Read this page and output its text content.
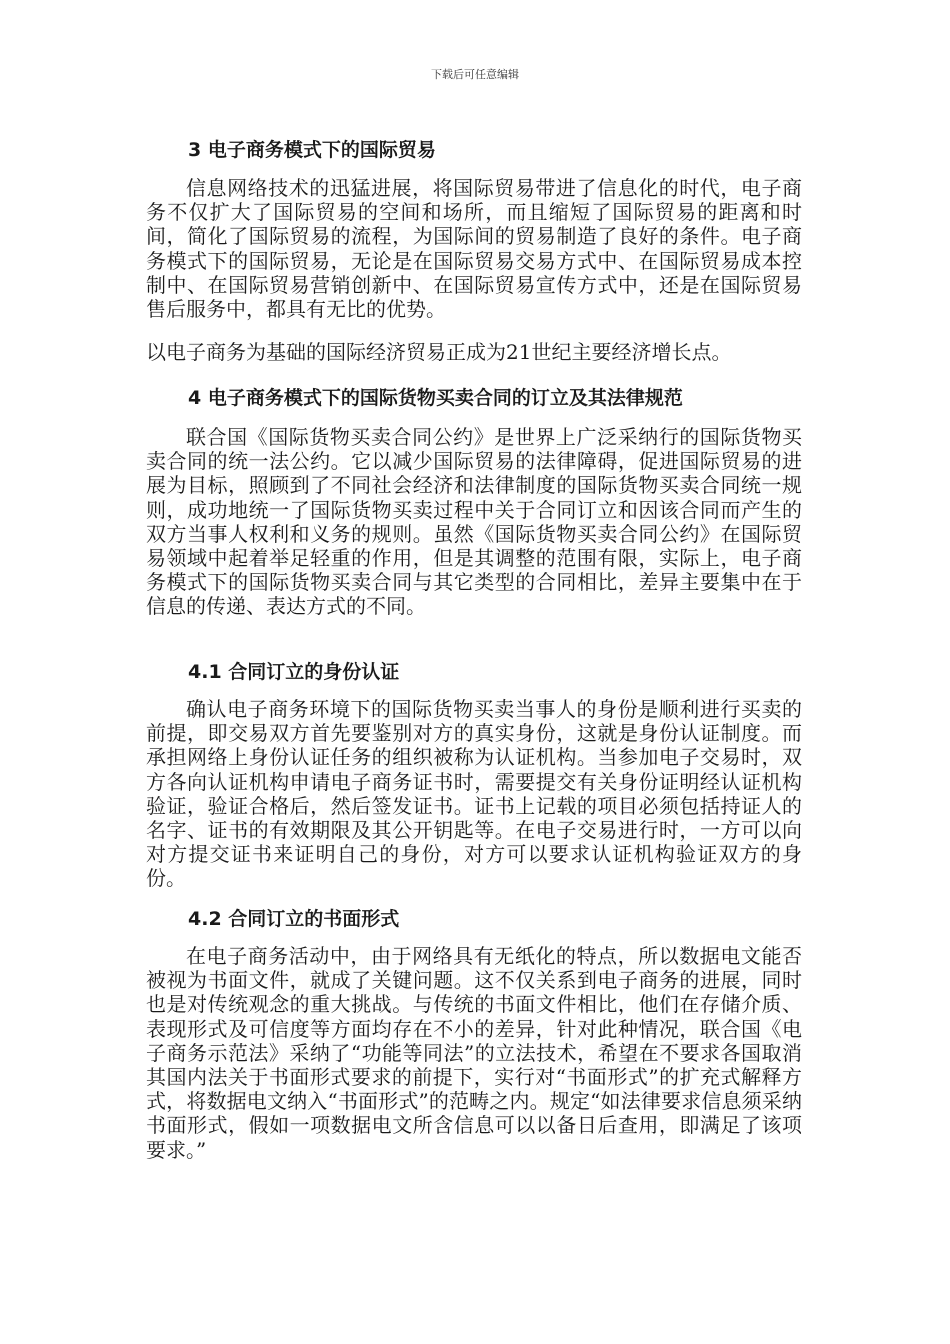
下载后可任意编辑
3 电子商务模式下的国际贸易

信息网络技术的迅猛进展，将国际贸易带进了信息化的时代，电子商务不仅扩大了国际贸易的空间和场所，而且缩短了国际贸易的距离和时间，简化了国际贸易的流程，为国际间的贸易制造了良好的条件。电子商务模式下的国际贸易，无论是在国际贸易交易方式中、在国际贸易成本控制中、在国际贸易营销创新中、在国际贸易宣传方式中，还是在国际贸易售后服务中，都具有无比的优势。

以电子商务为基础的国际经济贸易正成为21世纪主要经济增长点。

4 电子商务模式下的国际货物买卖合同的订立及其法律规范

联合国《国际货物买卖合同公约》是世界上广泛采纳行的国际货物买卖合同的统一法公约。它以减少国际贸易的法律障碍，促进国际贸易的进展为目标，照顾到了不同社会经济和法律制度的国际货物买卖合同统一规则，成功地统一了国际货物买卖过程中关于合同订立和因该合同而产生的双方当事人权利和义务的规则。虽然《国际货物买卖合同公约》在国际贸易领域中起着举足轻重的作用，但是其调整的范围有限，实际上，电子商务模式下的国际货物买卖合同与其它类型的合同相比，差异主要集中在于信息的传递、表达方式的不同。

4.1 合同订立的身份认证

确认电子商务环境下的国际货物买卖当事人的身份是顺利进行买卖的前提，即交易双方首先要鉴别对方的真实身份，这就是身份认证制度。而承担网络上身份认证任务的组织被称为认证机构。当参加电子交易时，双方各向认证机构申请电子商务证书时，需要提交有关身份证明经认证机构验证，验证合格后，然后签发证书。证书上记载的项目必须包括持证人的名字、证书的有效期限及其公开钥匙等。在电子交易进行时，一方可以向对方提交证书来证明自己的身份，对方可以要求认证机构验证双方的身份。

4.2 合同订立的书面形式

在电子商务活动中，由于网络具有无纸化的特点，所以数据电文能否被视为书面文件，就成了关键问题。这不仅关系到电子商务的进展，同时也是对传统观念的重大挑战。与传统的书面文件相比，他们在存储介质、表现形式及可信度等方面均存在不小的差异，针对此种情况，联合国《电子商务示范法》采纳了“功能等同法”的立法技术，希望在不要求各国取消其国内法关于书面形式要求的前提下，实行对“书面形式”的扩充式解释方式，将数据电文纳入“书面形式”的范畴之内。规定“如法律要求信息须采纳书面形式，假如一项数据电文所含信息可以以备日后查用，即满足了该项要求。”
